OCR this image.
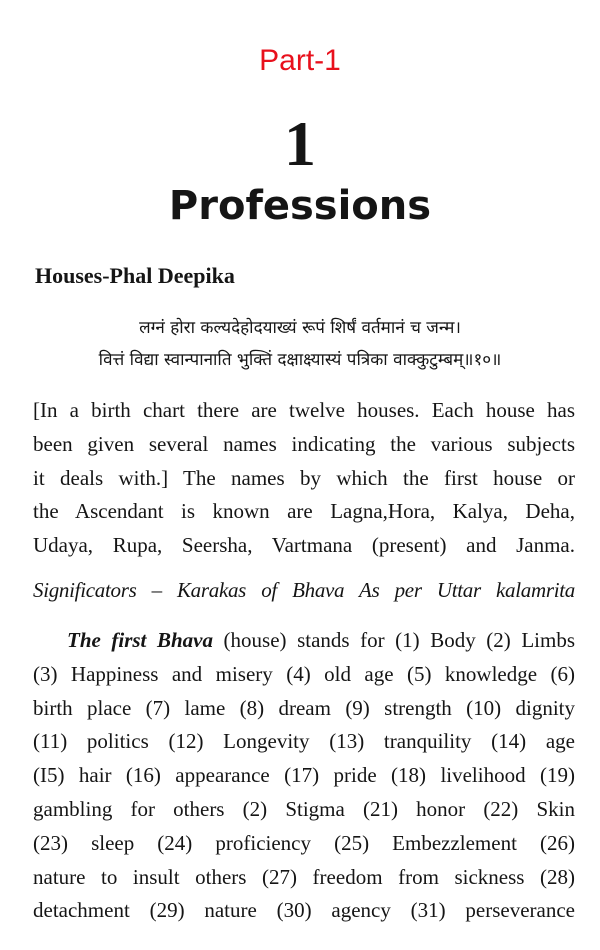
Part-1
1
Professions
Houses-Phal Deepika
लग्नं होरा कल्यदेहोदयाख्यं रूपं शिर्षं वर्तमानं च जन्म।
वित्तं विद्या स्वान्पानाति भुक्तिं दक्षाक्ष्यास्यं पत्रिका वाक्कुटुम्बम्॥१०॥
[In a birth chart there are twelve houses. Each house has
been given several names indicating the various subjects
it deals with.] The names by which the first house or
the Ascendant is known are Lagna,Hora, Kalya, Deha,
Udaya, Rupa, Seersha, Vartmana (present) and Janma.
Significators – Karakas of Bhava As per Uttar kalamrita
The first Bhava (house) stands for (1) Body (2) Limbs
(3) Happiness and misery (4) old age (5) knowledge (6)
birth place (7) lame (8) dream (9) strength (10) dignity
(11) politics (12) Longevity (13) tranquility (14) age
(I5) hair (16) appearance (17) pride (18) livelihood (19)
gambling for others (2) Stigma (21) honor (22) Skin
(23) sleep (24) proficiency (25) Embezzlement (26)
nature to insult others (27) freedom from sickness (28)
detachment (29) nature (30) agency (31) perseverance
